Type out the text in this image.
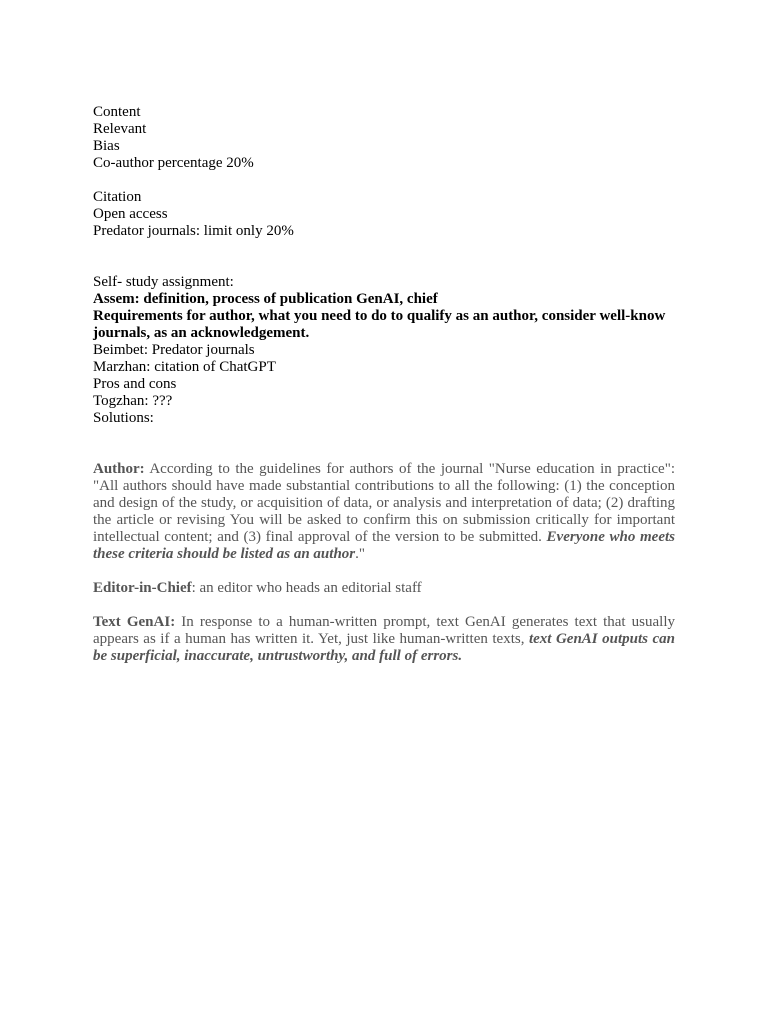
Content
Relevant
Bias
Co-author percentage 20%
Citation
Open access
Predator journals: limit only 20%
Self- study assignment:
Assem: definition, process of publication GenAI, chief
Requirements for author, what you need to do to qualify as an author, consider well-know journals, as an acknowledgement.
Beimbet: Predator journals
Marzhan: citation of ChatGPT
Pros and cons
Togzhan: ???
Solutions:
Author: According to the guidelines for authors of the journal "Nurse education in practice": "All authors should have made substantial contributions to all the following: (1) the conception and design of the study, or acquisition of data, or analysis and interpretation of data; (2) drafting the article or revising You will be asked to confirm this on submission critically for important intellectual content; and (3) final approval of the version to be submitted. Everyone who meets these criteria should be listed as an author."
Editor-in-Chief: an editor who heads an editorial staff
Text GenAI: In response to a human-written prompt, text GenAI generates text that usually appears as if a human has written it. Yet, just like human-written texts, text GenAI outputs can be superficial, inaccurate, untrustworthy, and full of errors.
